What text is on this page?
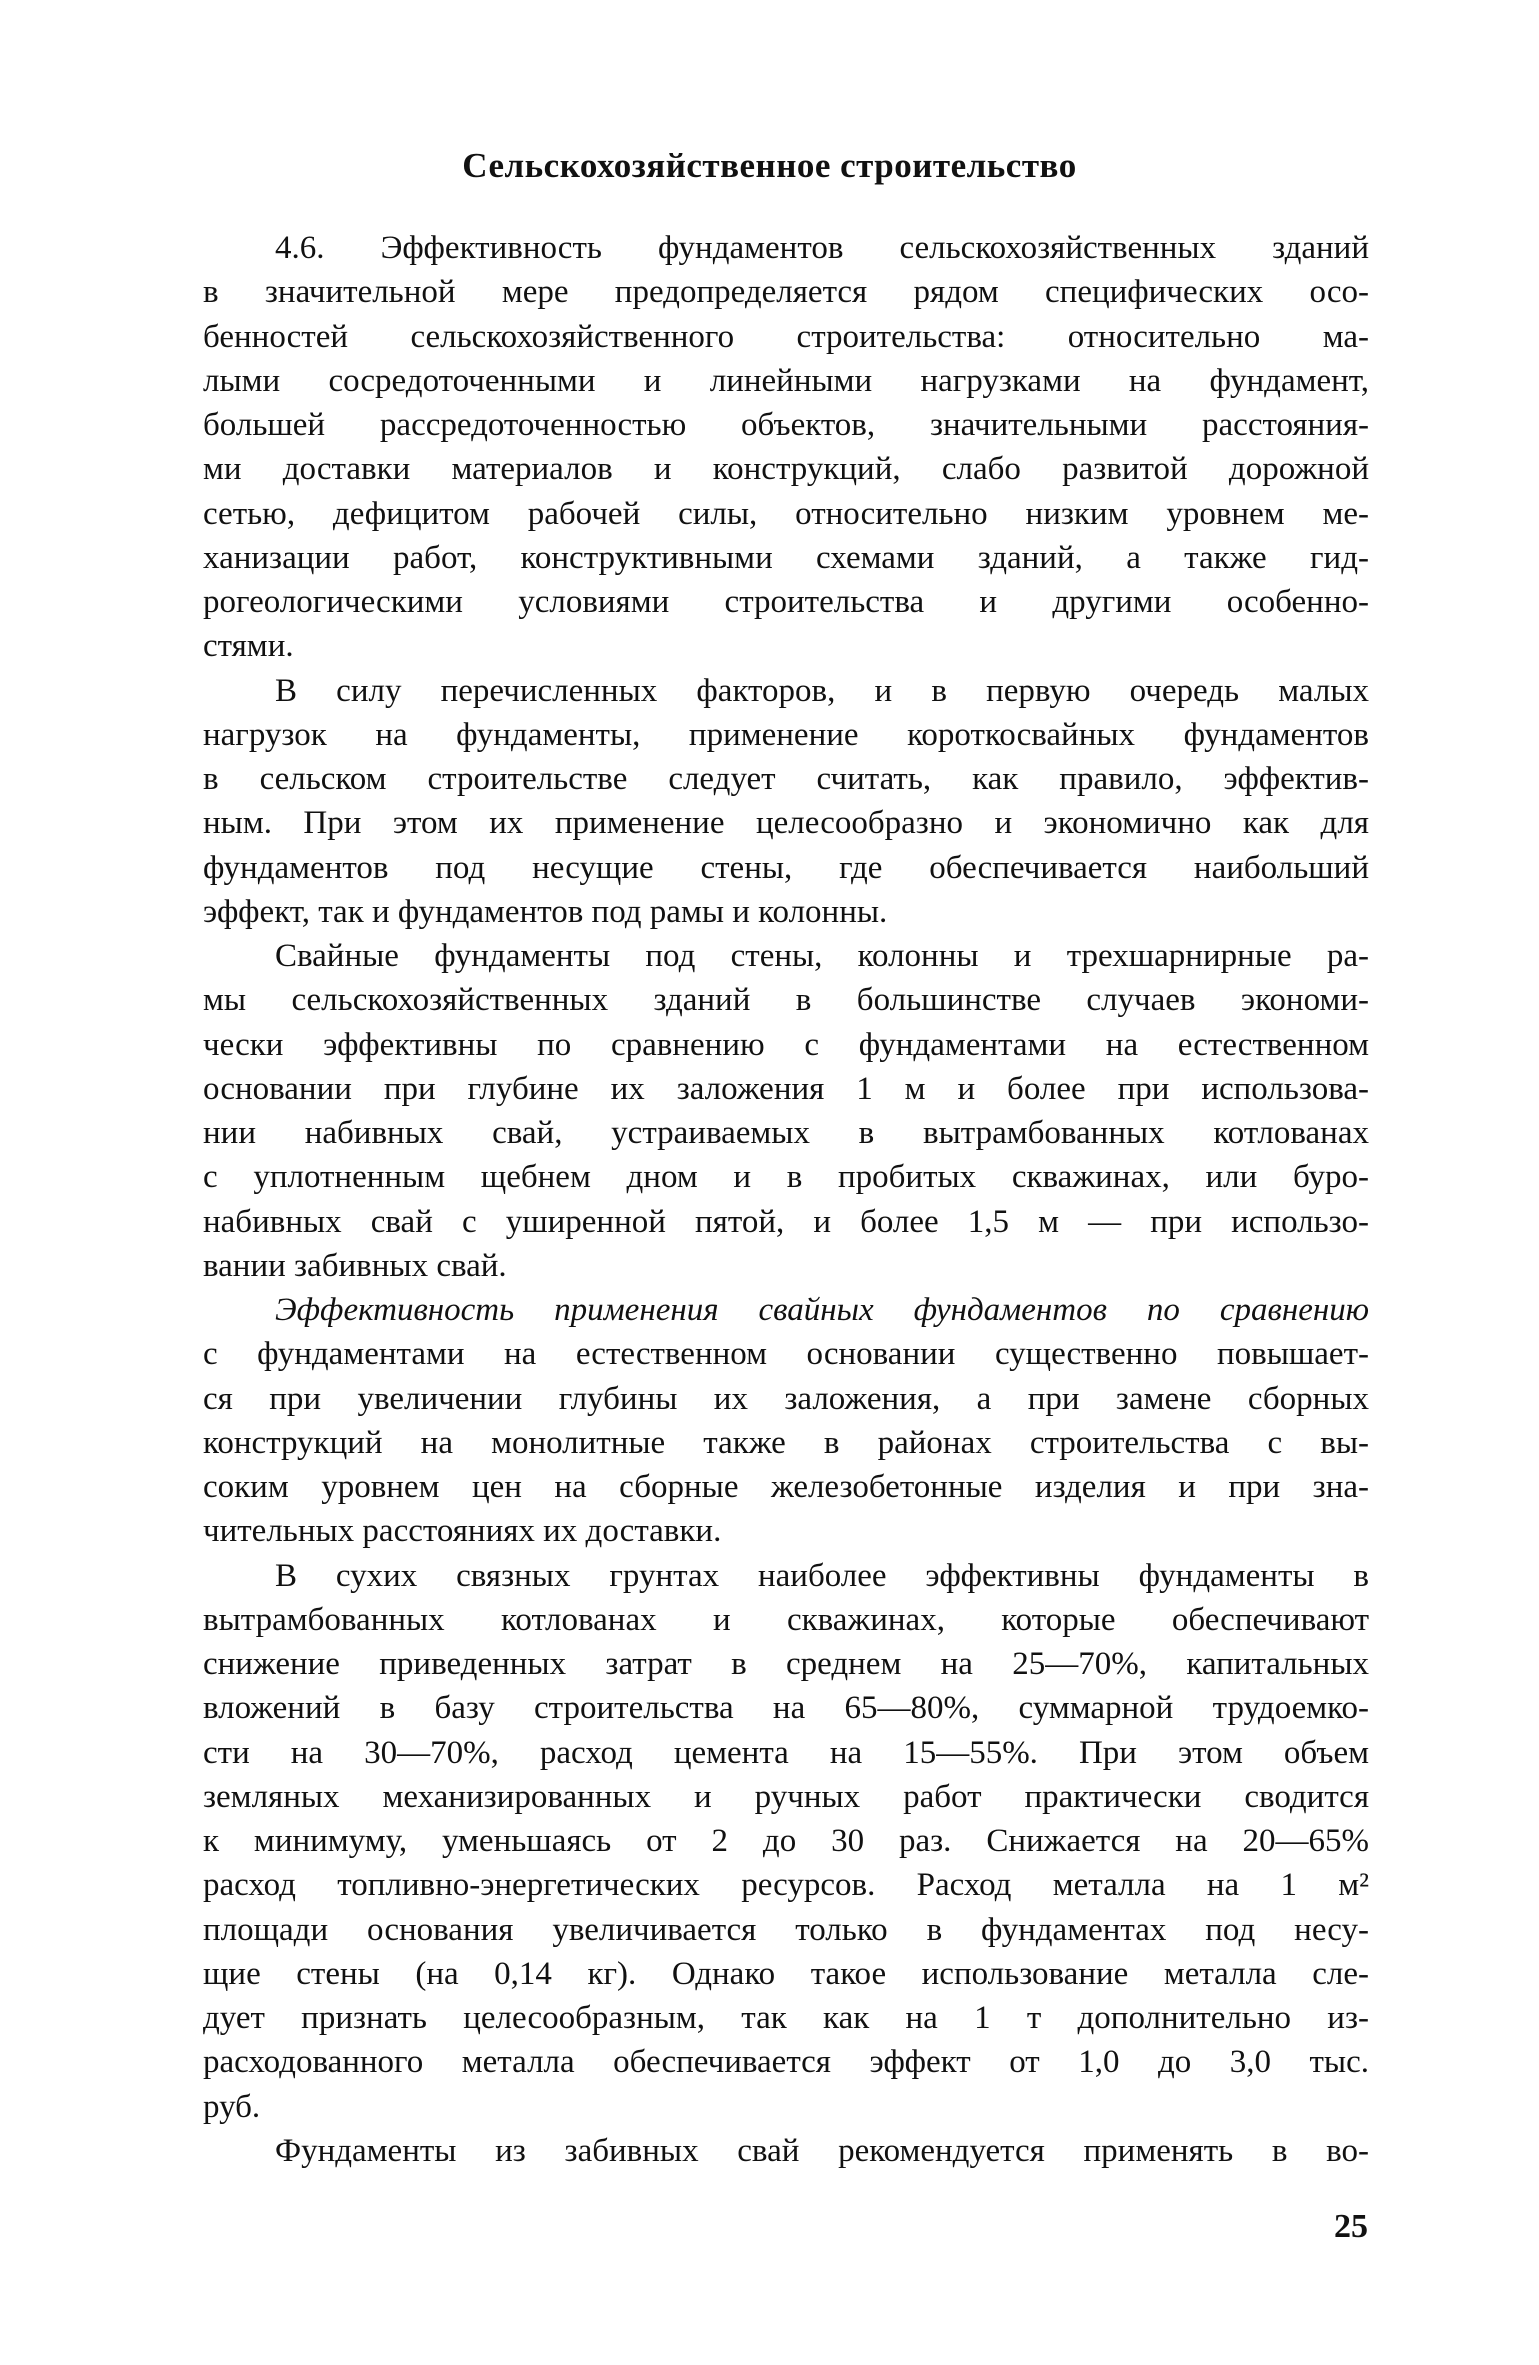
Сельскохозяйственное строительство
4.6. Эффективность фундаментов сельскохозяйственных зданий
в значительной мере предопределяется рядом специфических осо-
бенностей сельскохозяйственного строительства: относительно ма-
лыми сосредоточенными и линейными нагрузками на фундамент,
большей рассредоточенностью объектов, значительными расстояния-
ми доставки материалов и конструкций, слабо развитой дорожной
сетью, дефицитом рабочей силы, относительно низким уровнем ме-
ханизации работ, конструктивными схемами зданий, а также гид-
рогеологическими условиями строительства и другими особенно-
стями.
В силу перечисленных факторов, и в первую очередь малых
нагрузок на фундаменты, применение короткосвайных фундаментов
в сельском строительстве следует считать, как правило, эффектив-
ным. При этом их применение целесообразно и экономично как для
фундаментов под несущие стены, где обеспечивается наибольший
эффект, так и фундаментов под рамы и колонны.
Свайные фундаменты под стены, колонны и трехшарнирные ра-
мы сельскохозяйственных зданий в большинстве случаев экономи-
чески эффективны по сравнению с фундаментами на естественном
основании при глубине их заложения 1 м и более при использова-
нии набивных свай, устраиваемых в вытрамбованных котлованах
с уплотненным щебнем дном и в пробитых скважинах, или буро-
набивных свай с уширенной пятой, и более 1,5 м — при использо-
вании забивных свай.
Эффективность применения свайных фундаментов по сравнению
с фундаментами на естественном основании существенно повышает-
ся при увеличении глубины их заложения, а при замене сборных
конструкций на монолитные также в районах строительства с вы-
соким уровнем цен на сборные железобетонные изделия и при зна-
чительных расстояниях их доставки.
В сухих связных грунтах наиболее эффективны фундаменты в
вытрамбованных котлованах и скважинах, которые обеспечивают
снижение приведенных затрат в среднем на 25—70%, капитальных
вложений в базу строительства на 65—80%, суммарной трудоемко-
сти на 30—70%, расход цемента на 15—55%. При этом объем
земляных механизированных и ручных работ практически сводится
к минимуму, уменьшаясь от 2 до 30 раз. Снижается на 20—65%
расход топливно-энергетических ресурсов. Расход металла на 1 м²
площади основания увеличивается только в фундаментах под несу-
щие стены (на 0,14 кг). Однако такое использование металла сле-
дует признать целесообразным, так как на 1 т дополнительно из-
расходованного металла обеспечивается эффект от 1,0 до 3,0 тыс.
руб.
Фундаменты из забивных свай рекомендуется применять в во-
25
